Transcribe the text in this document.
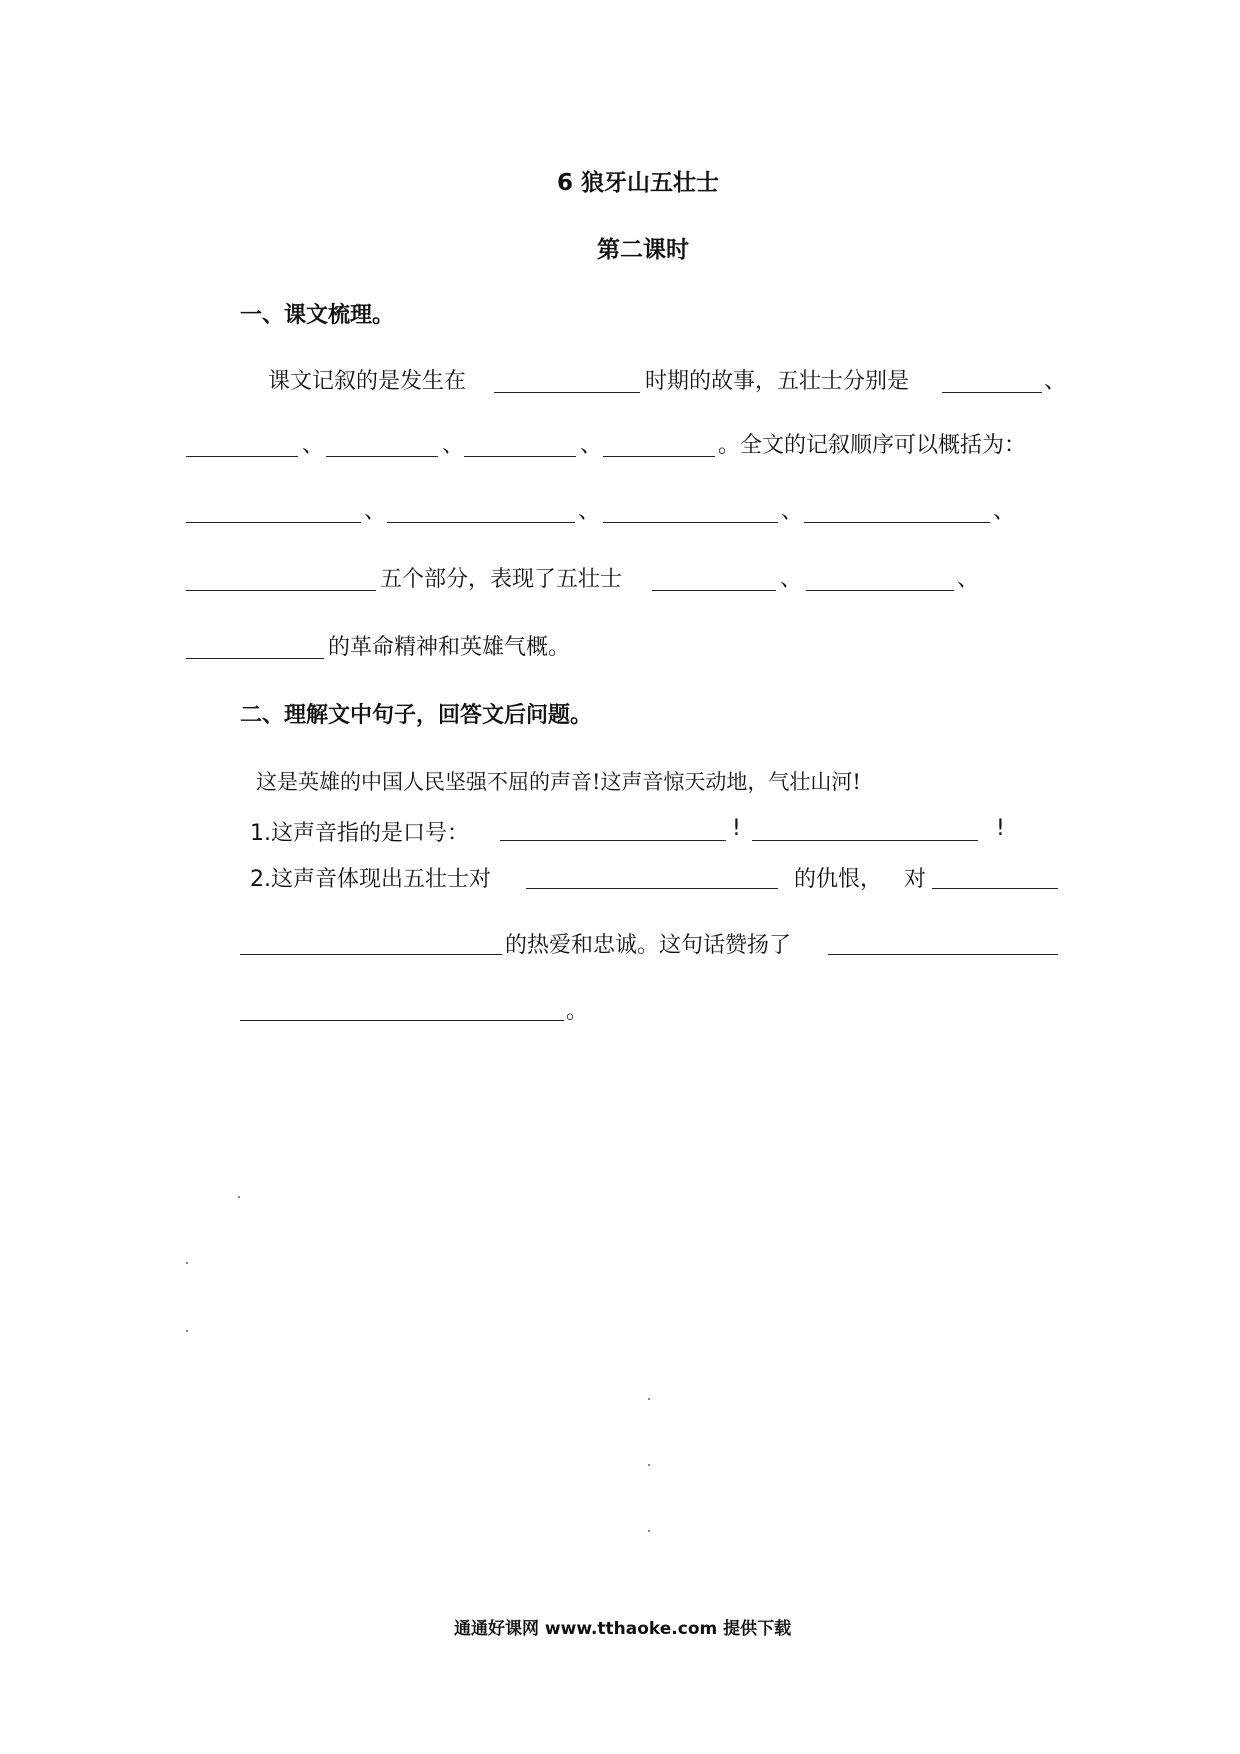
6 狼牙山五壮士
第二课时
一、课文梳理。
课文记叙的是发生在	时期的故事，五壮士分别是	、
、	、	、	。全文的记叙顺序可以概括为：
、	、	、	、
五个部分，表现了五壮士	、	、
的革命精神和英雄气概。
二、理解文中句子，回答文后问题。
这是英雄的中国人民坚强不屈的声音!这声音惊天动地，气壮山河!
1.这声音指的是口号：	!	!
2.这声音体现出五壮士对	的仇恨， 对
的热爱和忠诚。这句话赞扬了
。
通通好课网 www.tthaoke.com 提供下载
